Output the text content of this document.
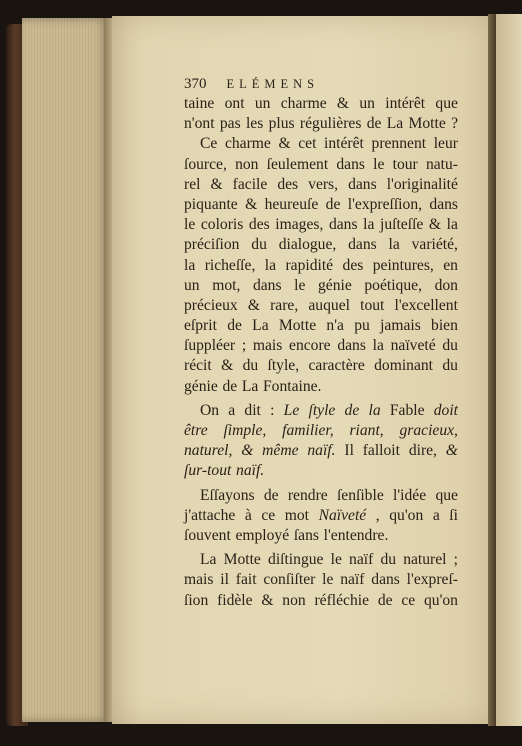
370 ELÉMENS
taine ont un charme & un intérêt que
n'ont pas les plus régulières de La Motte ?
Ce charme & cet intérêt prennent leur
ſource, non ſeulement dans le tour natu-
rel & facile des vers, dans l'originalité
piquante & heureuſe de l'expreſſion, dans
le coloris des images, dans la juſteſſe & la
préciſion du dialogue, dans la variété,
la richeſſe, la rapidité des peintures, en
un mot, dans le génie poétique, don
précieux & rare, auquel tout l'excellent
eſprit de La Motte n'a pu jamais bien
ſuppléer ; mais encore dans la naïveté du
récit & du ſtyle, caractère dominant du
génie de La Fontaine.
On a dit : Le ſtyle de la Fable doit
être ſimple, familier, riant, gracieux,
naturel, & même naïf. Il falloit dire, &
ſur-tout naïf.
Eſſayons de rendre ſenſible l'idée que
j'attache à ce mot Naïveté , qu'on a ſi
ſouvent employé ſans l'entendre.
La Motte diſtingue le naïf du naturel ;
mais il fait conſiſter le naïf dans l'expreſ-
ſion fidèle & non réfléchie de ce qu'on
